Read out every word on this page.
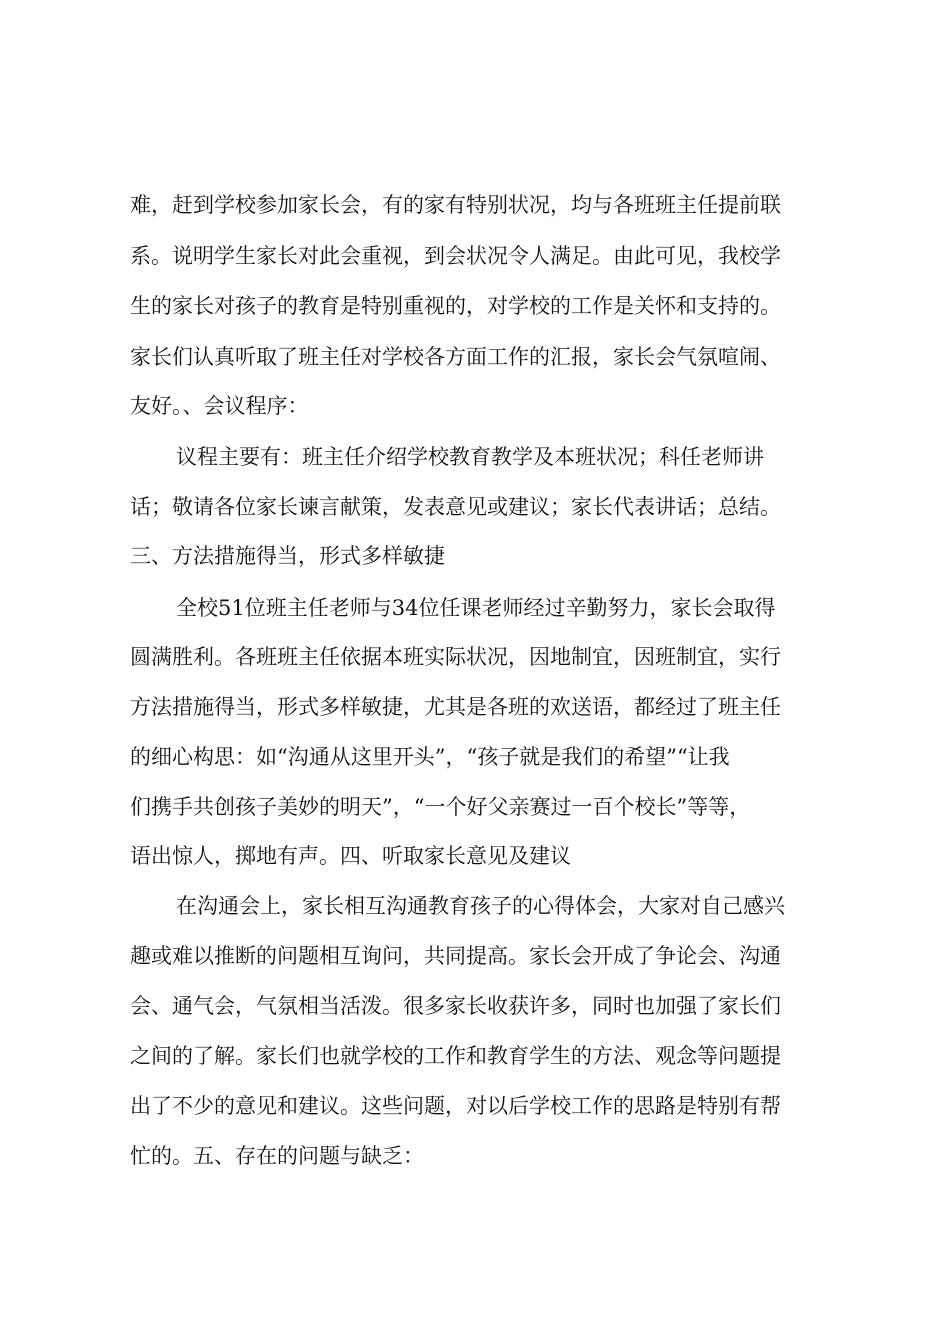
难，赶到学校参加家长会，有的家有特别状况，均与各班班主任提前联
系。说明学生家长对此会重视，到会状况令人满足。由此可见，我校学
生的家长对孩子的教育是特别重视的，对学校的工作是关怀和支持的。
家长们认真听取了班主任对学校各方面工作的汇报，家长会气氛喧闹、
友好。、会议程序：
议程主要有：班主任介绍学校教育教学及本班状况；科任老师讲
话；敬请各位家长谏言献策，发表意见或建议；家长代表讲话；总结。
三、方法措施得当，形式多样敏捷
全校51位班主任老师与34位任课老师经过辛勤努力，家长会取得
圆满胜利。各班班主任依据本班实际状况，因地制宜，因班制宜，实行
方法措施得当，形式多样敏捷，尤其是各班的欢送语，都经过了班主任
的细心构思：如“沟通从这里开头”，“孩子就是我们的希望”“让我
们携手共创孩子美妙的明天”，“一个好父亲赛过一百个校长”等等，
语出惊人，掷地有声。四、听取家长意见及建议
在沟通会上，家长相互沟通教育孩子的心得体会，大家对自己感兴
趣或难以推断的问题相互询问，共同提高。家长会开成了争论会、沟通
会、通气会，气氛相当活泼。很多家长收获许多，同时也加强了家长们
之间的了解。家长们也就学校的工作和教育学生的方法、观念等问题提
出了不少的意见和建议。这些问题，对以后学校工作的思路是特别有帮
忙的。五、存在的问题与缺乏：
